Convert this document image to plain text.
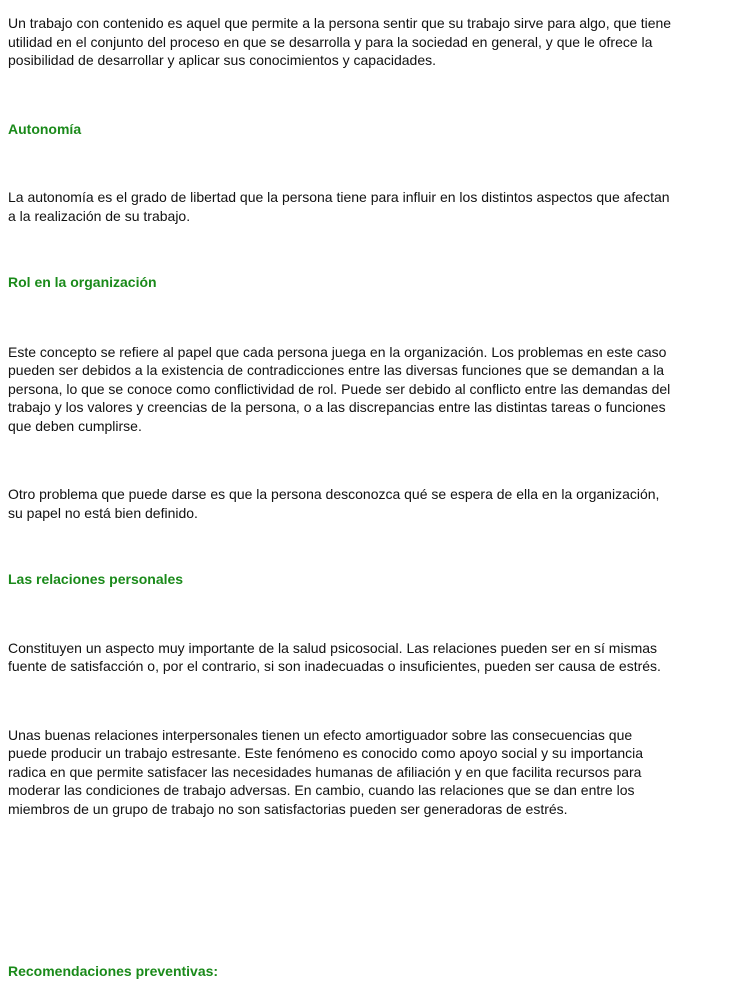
Un trabajo con contenido es aquel que permite a la persona sentir que su trabajo sirve para algo, que tiene utilidad en el conjunto del proceso en que se desarrolla y para la sociedad en general, y que le ofrece la posibilidad de desarrollar y aplicar sus conocimientos y capacidades.

Autonomía

La autonomía es el grado de libertad que la persona tiene para influir en los distintos aspectos que afectan a la realización de su trabajo.

Rol en la organización

Este concepto se refiere al papel que cada persona juega en la organización. Los problemas en este caso pueden ser debidos a la existencia de contradicciones entre las diversas funciones que se demandan a la persona, lo que se conoce como conflictividad de rol. Puede ser debido al conflicto entre las demandas del trabajo y los valores y creencias de la persona, o a las discrepancias entre las distintas tareas o funciones que deben cumplirse.

Otro problema que puede darse es que la persona desconozca qué se espera de ella en la organización, su papel no está bien definido.

Las relaciones personales

Constituyen un aspecto muy importante de la salud psicosocial. Las relaciones pueden ser en sí mismas fuente de satisfacción o, por el contrario, si son inadecuadas o insuficientes, pueden ser causa de estrés.

Unas buenas relaciones interpersonales tienen un efecto amortiguador sobre las consecuencias que puede producir un trabajo estresante. Este fenómeno es conocido como apoyo social y su importancia radica en que permite satisfacer las necesidades humanas de afiliación y en que facilita recursos para moderar las condiciones de trabajo adversas. En cambio, cuando las relaciones que se dan entre los miembros de un grupo de trabajo no son satisfactorias pueden ser generadoras de estrés.

Recomendaciones preventivas:
